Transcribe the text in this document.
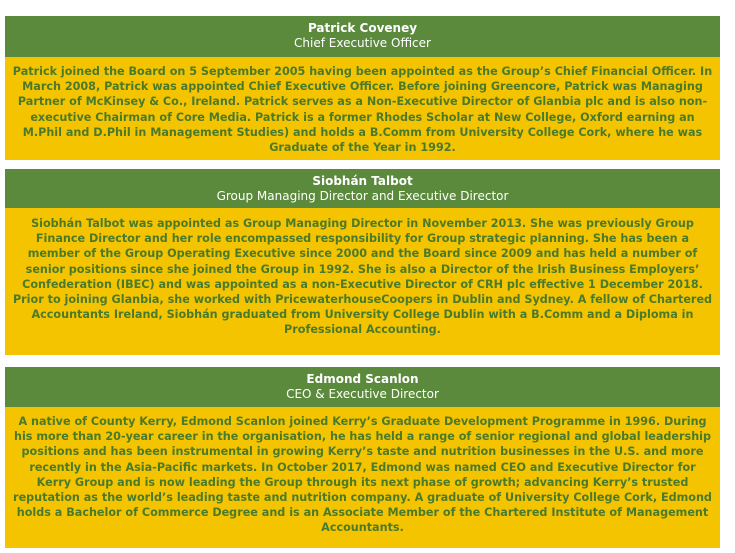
Patrick Coveney
Chief Executive Officer
Patrick joined the Board on 5 September 2005 having been appointed as the Group’s Chief Financial Officer. In March 2008, Patrick was appointed Chief Executive Officer. Before joining Greencore, Patrick was Managing Partner of McKinsey & Co., Ireland. Patrick serves as a Non-Executive Director of Glanbia plc and is also non-executive Chairman of Core Media. Patrick is a former Rhodes Scholar at New College, Oxford earning an M.Phil and D.Phil in Management Studies) and holds a B.Comm from University College Cork, where he was Graduate of the Year in 1992.
Siobhán Talbot
Group Managing Director and Executive Director
Siobhán Talbot was appointed as Group Managing Director in November 2013. She was previously Group Finance Director and her role encompassed responsibility for Group strategic planning. She has been a member of the Group Operating Executive since 2000 and the Board since 2009 and has held a number of senior positions since she joined the Group in 1992. She is also a Director of the Irish Business Employers’ Confederation (IBEC) and was appointed as a non-Executive Director of CRH plc effective 1 December 2018. Prior to joining Glanbia, she worked with PricewaterhouseCoopers in Dublin and Sydney. A fellow of Chartered Accountants Ireland, Siobhán graduated from University College Dublin with a B.Comm and a Diploma in Professional Accounting.
Edmond Scanlon
CEO & Executive Director
A native of County Kerry, Edmond Scanlon joined Kerry’s Graduate Development Programme in 1996. During his more than 20-year career in the organisation, he has held a range of senior regional and global leadership positions and has been instrumental in growing Kerry’s taste and nutrition businesses in the U.S. and more recently in the Asia-Pacific markets. In October 2017, Edmond was named CEO and Executive Director for Kerry Group and is now leading the Group through its next phase of growth; advancing Kerry’s trusted reputation as the world’s leading taste and nutrition company. A graduate of University College Cork, Edmond holds a Bachelor of Commerce Degree and is an Associate Member of the Chartered Institute of Management Accountants.
